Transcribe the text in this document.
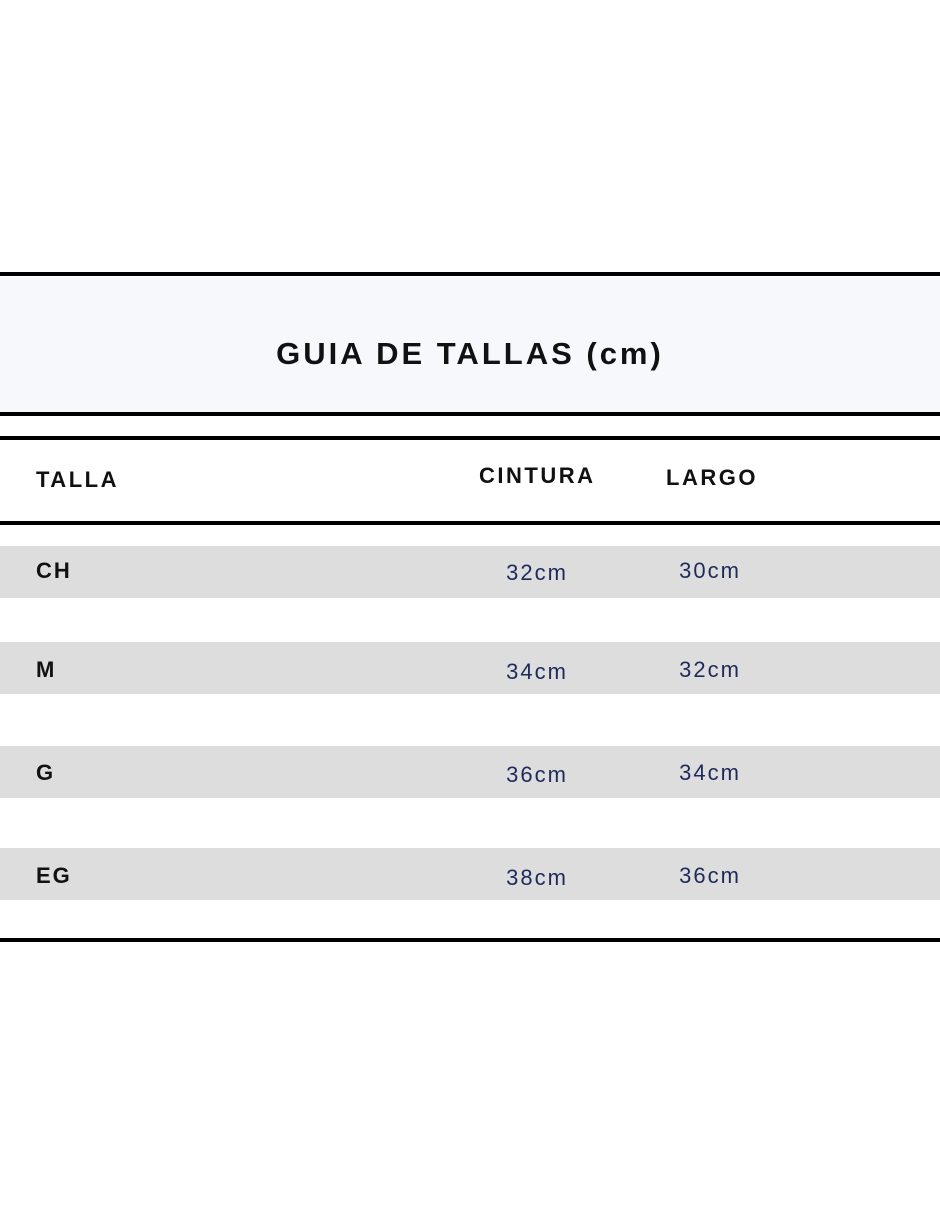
GUIA DE TALLAS (cm)
TALLA	CINTURA	LARGO
CH	32cm	30cm
M	34cm	32cm
G	36cm	34cm
EG	38cm	36cm
